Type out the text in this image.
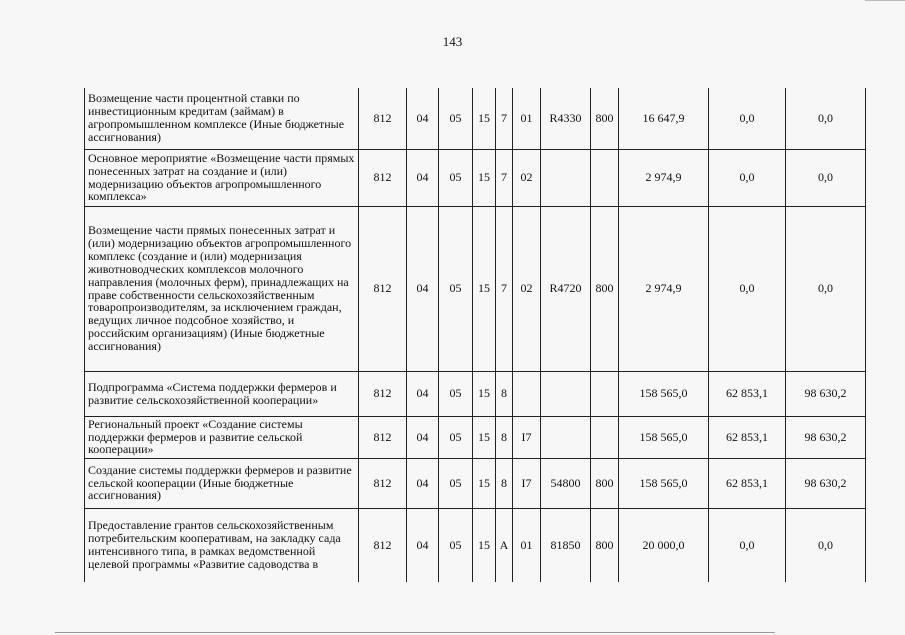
143
Возмещение части процентной ставки по инвестиционным кредитам (займам) в агропромышленном комплексе (Иные бюджетные ассигнования)	812	04	05	15	7	01	R4330	800	16 647,9	0,0	0,0
Основное мероприятие «Возмещение части прямых понесенных затрат на создание и (или) модернизацию объектов агропромышленного комплекса»	812	04	05	15	7	02			2 974,9	0,0	0,0
Возмещение части прямых понесенных затрат и (или) модернизацию объектов агропромышленного комплекс (создание и (или) модернизация животноводческих комплексов молочного направления (молочных ферм), принадлежащих на праве собственности сельскохозяйственным товаропроизводителям, за исключением граждан, ведущих личное подсобное хозяйство, и российским организациям) (Иные бюджетные ассигнования)	812	04	05	15	7	02	R4720	800	2 974,9	0,0	0,0
Подпрограмма «Система поддержки фермеров и развитие сельскохозяйственной кооперации»	812	04	05	15	8				158 565,0	62 853,1	98 630,2
Региональный проект «Создание системы поддержки фермеров и развитие сельской кооперации»	812	04	05	15	8	I7			158 565,0	62 853,1	98 630,2
Создание системы поддержки фермеров и развитие сельской кооперации (Иные бюджетные ассигнования)	812	04	05	15	8	I7	54800	800	158 565,0	62 853,1	98 630,2
Предоставление грантов сельскохозяйственным потребительским кооперативам, на закладку сада интенсивного типа, в рамках ведомственной целевой программы «Развитие садоводства в	812	04	05	15	А	01	81850	800	20 000,0	0,0	0,0
